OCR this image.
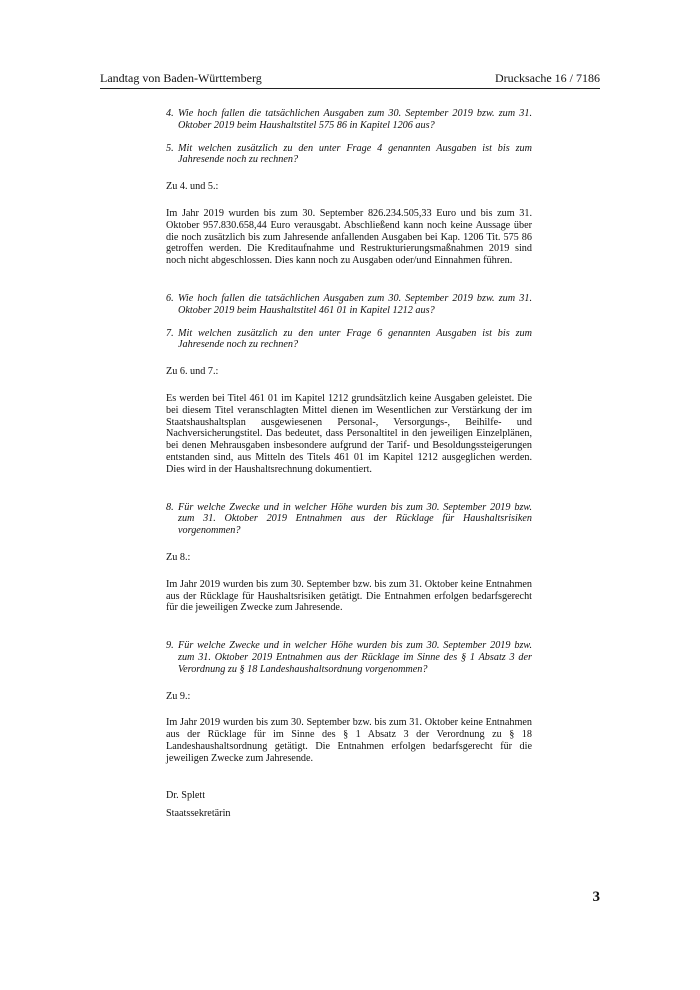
Landtag von Baden-Württemberg	Drucksache 16 / 7186
4. Wie hoch fallen die tatsächlichen Ausgaben zum 30. September 2019 bzw. zum 31. Oktober 2019 beim Haushaltstitel 575 86 in Kapitel 1206 aus?
5. Mit welchen zusätzlich zu den unter Frage 4 genannten Ausgaben ist bis zum Jahresende noch zu rechnen?
Zu 4. und 5.:
Im Jahr 2019 wurden bis zum 30. September 826.234.505,33 Euro und bis zum 31. Oktober 957.830.658,44 Euro verausgabt. Abschließend kann noch keine Aussage über die noch zusätzlich bis zum Jahresende anfallenden Ausgaben bei Kap. 1206 Tit. 575 86 getroffen werden. Die Kreditaufnahme und Restrukturierungsmaßnahmen 2019 sind noch nicht abgeschlossen. Dies kann noch zu Ausgaben oder/und Einnahmen führen.
6. Wie hoch fallen die tatsächlichen Ausgaben zum 30. September 2019 bzw. zum 31. Oktober 2019 beim Haushaltstitel 461 01 in Kapitel 1212 aus?
7. Mit welchen zusätzlich zu den unter Frage 6 genannten Ausgaben ist bis zum Jahresende noch zu rechnen?
Zu 6. und 7.:
Es werden bei Titel 461 01 im Kapitel 1212 grundsätzlich keine Ausgaben geleistet. Die bei diesem Titel veranschlagten Mittel dienen im Wesentlichen zur Verstärkung der im Staatshaushaltsplan ausgewiesenen Personal-, Versorgungs-, Beihilfe- und Nachversicherungstitel. Das bedeutet, dass Personaltitel in den jeweiligen Einzelplänen, bei denen Mehrausgaben insbesondere aufgrund der Tarif- und Besoldungssteigerungen entstanden sind, aus Mitteln des Titels 461 01 im Kapitel 1212 ausgeglichen werden. Dies wird in der Haushaltsrechnung dokumentiert.
8. Für welche Zwecke und in welcher Höhe wurden bis zum 30. September 2019 bzw. zum 31. Oktober 2019 Entnahmen aus der Rücklage für Haushaltsrisiken vorgenommen?
Zu 8.:
Im Jahr 2019 wurden bis zum 30. September bzw. bis zum 31. Oktober keine Entnahmen aus der Rücklage für Haushaltsrisiken getätigt. Die Entnahmen erfolgen bedarfsgerecht für die jeweiligen Zwecke zum Jahresende.
9. Für welche Zwecke und in welcher Höhe wurden bis zum 30. September 2019 bzw. zum 31. Oktober 2019 Entnahmen aus der Rücklage im Sinne des § 1 Absatz 3 der Verordnung zu § 18 Landeshaushaltsordnung vorgenommen?
Zu 9.:
Im Jahr 2019 wurden bis zum 30. September bzw. bis zum 31. Oktober keine Entnahmen aus der Rücklage für im Sinne des § 1 Absatz 3 der Verordnung zu § 18 Landeshaushaltsordnung getätigt. Die Entnahmen erfolgen bedarfsgerecht für die jeweiligen Zwecke zum Jahresende.
Dr. Splett
Staatssekretärin
3
